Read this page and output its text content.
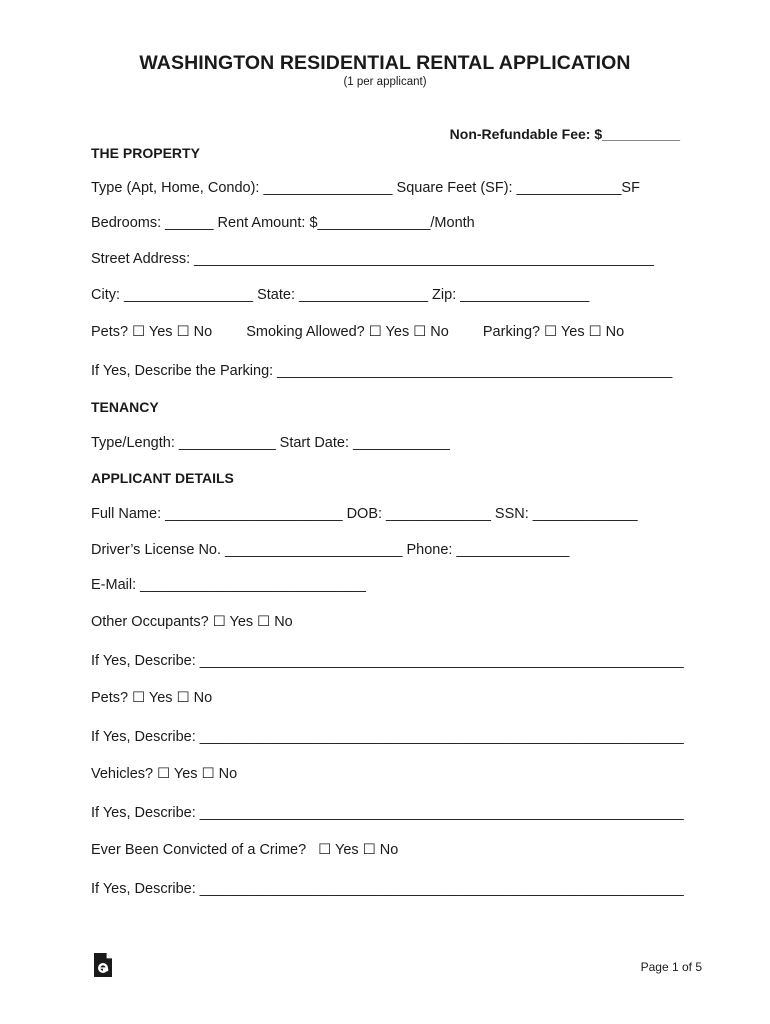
WASHINGTON RESIDENTIAL RENTAL APPLICATION
(1 per applicant)
Non-Refundable Fee: $__________
THE PROPERTY
Type (Apt, Home, Condo): ________________ Square Feet (SF): _____________SF
Bedrooms: ______ Rent Amount: $______________/Month
Street Address: _________________________________________________________
City: ________________ State: ________________ Zip: ________________
Pets? ☐ Yes ☐ No Smoking Allowed? ☐ Yes ☐ No Parking? ☐ Yes ☐ No
If Yes, Describe the Parking: _________________________________________________
TENANCY
Type/Length: ____________ Start Date: ____________
APPLICANT DETAILS
Full Name: ______________________ DOB: _____________ SSN: _____________
Driver’s License No. ______________________ Phone: ______________
E-Mail: ____________________________
Other Occupants? ☐ Yes ☐ No
If Yes, Describe: ____________________________________________________________
Pets? ☐ Yes ☐ No
If Yes, Describe: ____________________________________________________________
Vehicles? ☐ Yes ☐ No
If Yes, Describe: ____________________________________________________________
Ever Been Convicted of a Crime? ☐ Yes ☐ No
If Yes, Describe: ____________________________________________________________
Page 1 of 5
